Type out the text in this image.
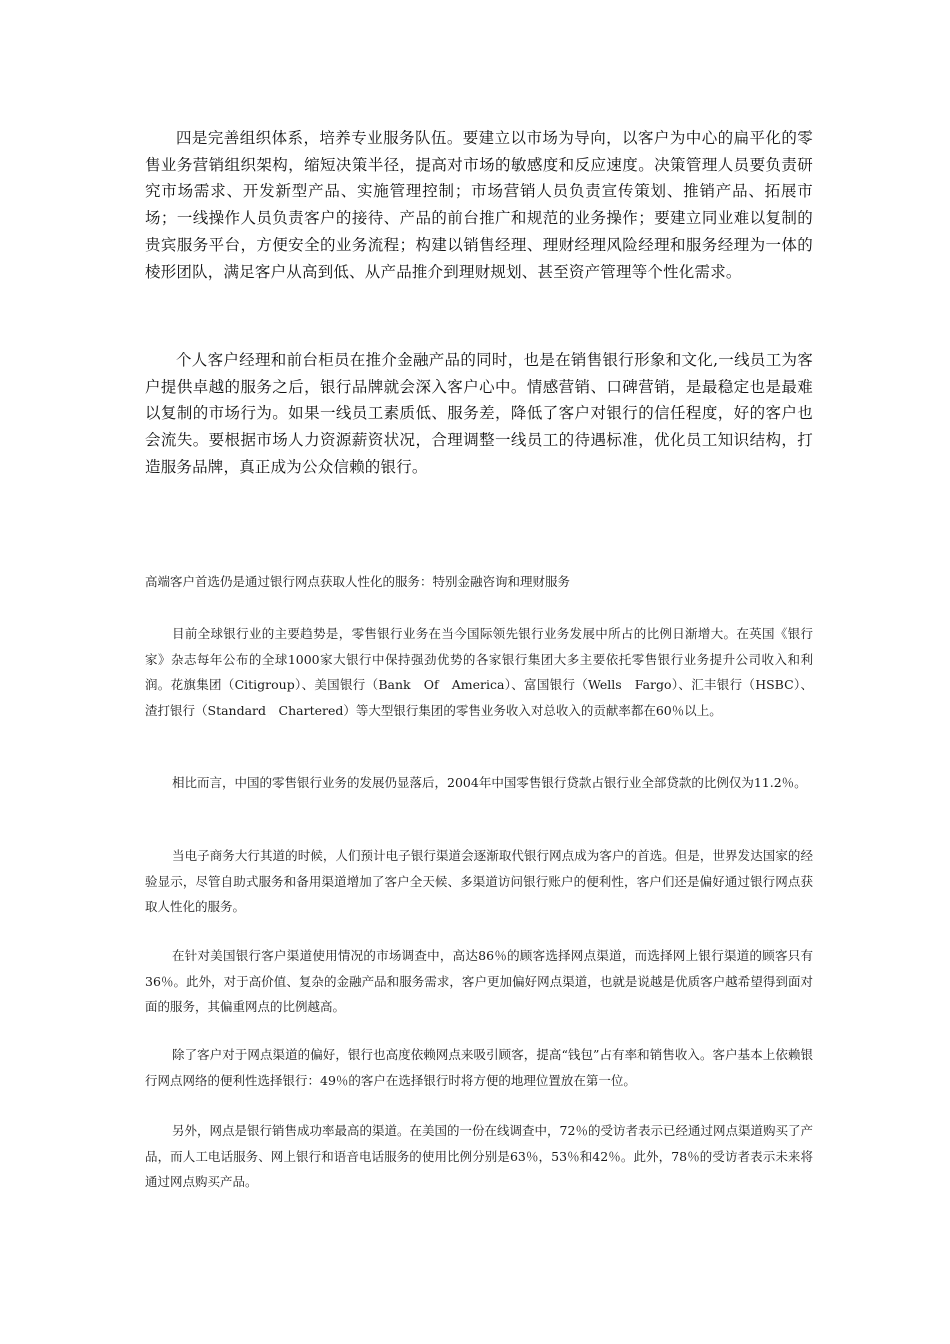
四是完善组织体系，培养专业服务队伍。要建立以市场为导向，以客户为中心的扁平化的零售业务营销组织架构，缩短决策半径，提高对市场的敏感度和反应速度。决策管理人员要负责研究市场需求、开发新型产品、实施管理控制；市场营销人员负责宣传策划、推销产品、拓展市场；一线操作人员负责客户的接待、产品的前台推广和规范的业务操作；要建立同业难以复制的贵宾服务平台，方便安全的业务流程；构建以销售经理、理财经理风险经理和服务经理为一体的棱形团队，满足客户从高到低、从产品推介到理财规划、甚至资产管理等个性化需求。

个人客户经理和前台柜员在推介金融产品的同时，也是在销售银行形象和文化,一线员工为客户提供卓越的服务之后，银行品牌就会深入客户心中。情感营销、口碑营销，是最稳定也是最难以复制的市场行为。如果一线员工素质低、服务差，降低了客户对银行的信任程度，好的客户也会流失。要根据市场人力资源薪资状况，合理调整一线员工的待遇标准，优化员工知识结构，打造服务品牌，真正成为公众信赖的银行。

高端客户首选仍是通过银行网点获取人性化的服务：特别金融咨询和理财服务

目前全球银行业的主要趋势是，零售银行业务在当今国际领先银行业务发展中所占的比例日渐增大。在英国《银行家》杂志每年公布的全球1000家大银行中保持强劲优势的各家银行集团大多主要依托零售银行业务提升公司收入和利润。花旗集团（Citigroup）、美国银行（Bank　Of　America）、富国银行（Wells　Fargo）、汇丰银行（HSBC）、渣打银行（Standard　Chartered）等大型银行集团的零售业务收入对总收入的贡献率都在60％以上。

相比而言，中国的零售银行业务的发展仍显落后，2004年中国零售银行贷款占银行业全部贷款的比例仅为11.2％。

当电子商务大行其道的时候，人们预计电子银行渠道会逐渐取代银行网点成为客户的首选。但是，世界发达国家的经验显示，尽管自助式服务和备用渠道增加了客户全天候、多渠道访问银行账户的便利性，客户们还是偏好通过银行网点获取人性化的服务。

在针对美国银行客户渠道使用情况的市场调查中，高达86％的顾客选择网点渠道，而选择网上银行渠道的顾客只有36％。此外，对于高价值、复杂的金融产品和服务需求，客户更加偏好网点渠道，也就是说越是优质客户越希望得到面对面的服务，其偏重网点的比例越高。

除了客户对于网点渠道的偏好，银行也高度依赖网点来吸引顾客，提高“钱包”占有率和销售收入。客户基本上依赖银行网点网络的便利性选择银行：49％的客户在选择银行时将方便的地理位置放在第一位。

另外，网点是银行销售成功率最高的渠道。在美国的一份在线调查中，72％的受访者表示已经通过网点渠道购买了产品，而人工电话服务、网上银行和语音电话服务的使用比例分别是63％，53％和42％。此外，78％的受访者表示未来将通过网点购买产品。
